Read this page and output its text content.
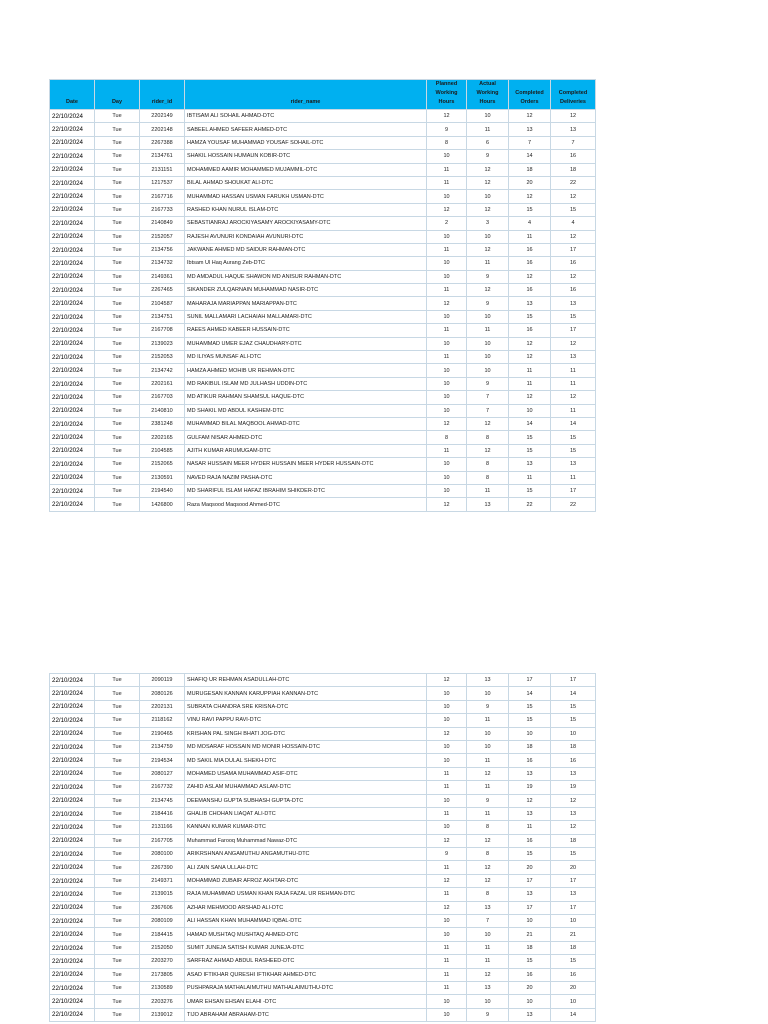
Date	Day	rider_id	rider_name	Planned Working Hours	Actual Working Hours	Completed Orders	Completed Deliveries
22/10/2024	Tue	2202149	IBTISAM ALI SOHAIL AHMAD-DTC	12	10	12	12
22/10/2024	Tue	2202148	SABEEL AHMED SAFEER AHMED-DTC	9	11	13	13
22/10/2024	Tue	2267388	HAMZA YOUSAF MUHAMMAD YOUSAF SOHAIL-DTC	8	6	7	7
22/10/2024	Tue	2134761	SHAKIL HOSSAIN HUMAUN KOBIR-DTC	10	9	14	16
22/10/2024	Tue	2131151	MOHAMMED AAMIR MOHAMMED MUJAMMIL-DTC	11	12	18	18
22/10/2024	Tue	1217537	BILAL AHMAD SHOUKAT ALI-DTC	11	12	20	22
22/10/2024	Tue	2167716	MUHAMMAD HASSAN USMAN FARUKH USMAN-DTC	10	10	12	12
22/10/2024	Tue	2167733	RASHED KHAN NURUL ISLAM-DTC	12	12	15	15
22/10/2024	Tue	2140849	SEBASTIANRAJ AROCKIYASAMY AROCKIYASAMY-DTC	2	3	4	4
22/10/2024	Tue	2152057	RAJESH AVUNURI KONDAIAH AVUNURI-DTC	10	10	11	12
22/10/2024	Tue	2134756	JAKWANE AHMED MD SAIDUR RAHMAN-DTC	11	12	16	17
22/10/2024	Tue	2134732	Ibtsam Ul Haq Aurang Zeb-DTC	10	11	16	16
22/10/2024	Tue	2149361	MD AMDADUL HAQUE SHAWON MD ANISUR RAHMAN-DTC	10	9	12	12
22/10/2024	Tue	2267465	SIKANDER ZULQARNAIN MUHAMMAD NASIR-DTC	11	12	16	16
22/10/2024	Tue	2104587	MAHARAJA MARIAPPAN MARIAPPAN-DTC	12	9	13	13
22/10/2024	Tue	2134751	SUNIL MALLAMARI LACHAIAH MALLAMARI-DTC	10	10	15	15
22/10/2024	Tue	2167708	RAEES AHMED KABEER HUSSAIN-DTC	11	11	16	17
22/10/2024	Tue	2139023	MUHAMMAD UMER EJAZ CHAUDHARY-DTC	10	10	12	12
22/10/2024	Tue	2152053	MD ILIYAS MUNSAF ALI-DTC	11	10	12	13
22/10/2024	Tue	2134742	HAMZA AHMED MOHIB UR REHMAN-DTC	10	10	11	11
22/10/2024	Tue	2202161	MD RAKIBUL ISLAM MD JULHASH UDDIN-DTC	10	9	11	11
22/10/2024	Tue	2167703	MD ATIKUR RAHMAN SHAMSUL HAQUE-DTC	10	7	12	12
22/10/2024	Tue	2140810	MD SHAKIL MD ABDUL KASHEM-DTC	10	7	10	11
22/10/2024	Tue	2381248	MUHAMMAD BILAL MAQBOOL AHMAD-DTC	12	12	14	14
22/10/2024	Tue	2202165	GULFAM NISAR AHMED-DTC	8	8	15	15
22/10/2024	Tue	2104585	AJITH KUMAR ARUMUGAM-DTC	11	12	15	15
22/10/2024	Tue	2152065	NASAR HUSSAIN MEER HYDER HUSSAIN MEER HYDER HUSSAIN-DTC	10	8	13	13
22/10/2024	Tue	2130591	NAVED RAJA NAZIM PASHA-DTC	10	8	11	11
22/10/2024	Tue	2194540	MD SHARIFUL ISLAM HAFAZ IBRAHIM SHIKDER-DTC	10	11	15	17
22/10/2024	Tue	1426800	Raza Maqsood Maqsood Ahmed-DTC	12	13	22	22
22/10/2024	Tue	2090119	SHAFIQ UR REHMAN ASADULLAH-DTC	12	13	17	17
22/10/2024	Tue	2080126	MURUGESAN KANNAN KARUPPIAH KANNAN-DTC	10	10	14	14
22/10/2024	Tue	2202131	SUBRATA CHANDRA SRE KRISNA-DTC	10	9	15	15
22/10/2024	Tue	2118162	VINU RAVI PAPPU RAVI-DTC	10	11	15	15
22/10/2024	Tue	2190465	KRISHAN PAL SINGH BHATI JOG-DTC	12	10	10	10
22/10/2024	Tue	2134759	MD MOSARAF HOSSAIN MD MONIR HOSSAIN-DTC	10	10	18	18
22/10/2024	Tue	2194534	MD SAKIL MIA DULAL SHEKH-DTC	10	11	16	16
22/10/2024	Tue	2080127	MOHAMED USAMA MUHAMMAD ASIF-DTC	11	12	13	13
22/10/2024	Tue	2167732	ZAHID ASLAM MUHAMMAD ASLAM-DTC	11	11	19	19
22/10/2024	Tue	2134745	DEEMANSHU GUPTA SUBHASH GUPTA-DTC	10	9	12	12
22/10/2024	Tue	2184416	GHALIB CHOHAN LIAQAT ALI-DTC	11	11	13	13
22/10/2024	Tue	2131166	KANNAN KUMAR KUMAR-DTC	10	8	11	12
22/10/2024	Tue	2167705	Muhammad Farooq Muhammad Nawaz-DTC	12	12	16	18
22/10/2024	Tue	2080100	ARIKRSHNAN ANGAMUTHU ANGAMUTHU-DTC	9	8	15	15
22/10/2024	Tue	2267390	ALI ZAIN SANA ULLAH-DTC	11	12	20	20
22/10/2024	Tue	2149371	MOHAMMAD ZUBAIR AFROZ AKHTAR-DTC	12	12	17	17
22/10/2024	Tue	2139015	RAJA MUHAMMAD USMAN KHAN RAJA FAZAL UR REHMAN-DTC	11	8	13	13
22/10/2024	Tue	2367606	AZHAR MEHMOOD ARSHAD ALI-DTC	12	13	17	17
22/10/2024	Tue	2080109	ALI HASSAN KHAN MUHAMMAD IQBAL-DTC	10	7	10	10
22/10/2024	Tue	2184415	HAMAD MUSHTAQ MUSHTAQ AHMED-DTC	10	10	21	21
22/10/2024	Tue	2152050	SUMIT JUNEJA SATISH KUMAR JUNEJA-DTC	11	11	18	18
22/10/2024	Tue	2203270	SARFRAZ AHMAD ABDUL RASHEED-DTC	11	11	15	15
22/10/2024	Tue	2173805	ASAD IFTIKHAR QURESHI IFTIKHAR AHMED-DTC	11	12	16	16
22/10/2024	Tue	2130589	PUSHPARAJA MATHALAIMUTHU MATHALAIMUTHU-DTC	11	13	20	20
22/10/2024	Tue	2203276	UMAR EHSAN EHSAN ELAHI -DTC	10	10	10	10
22/10/2024	Tue	2139012	TIJO ABRAHAM ABRAHAM-DTC	10	9	13	14
